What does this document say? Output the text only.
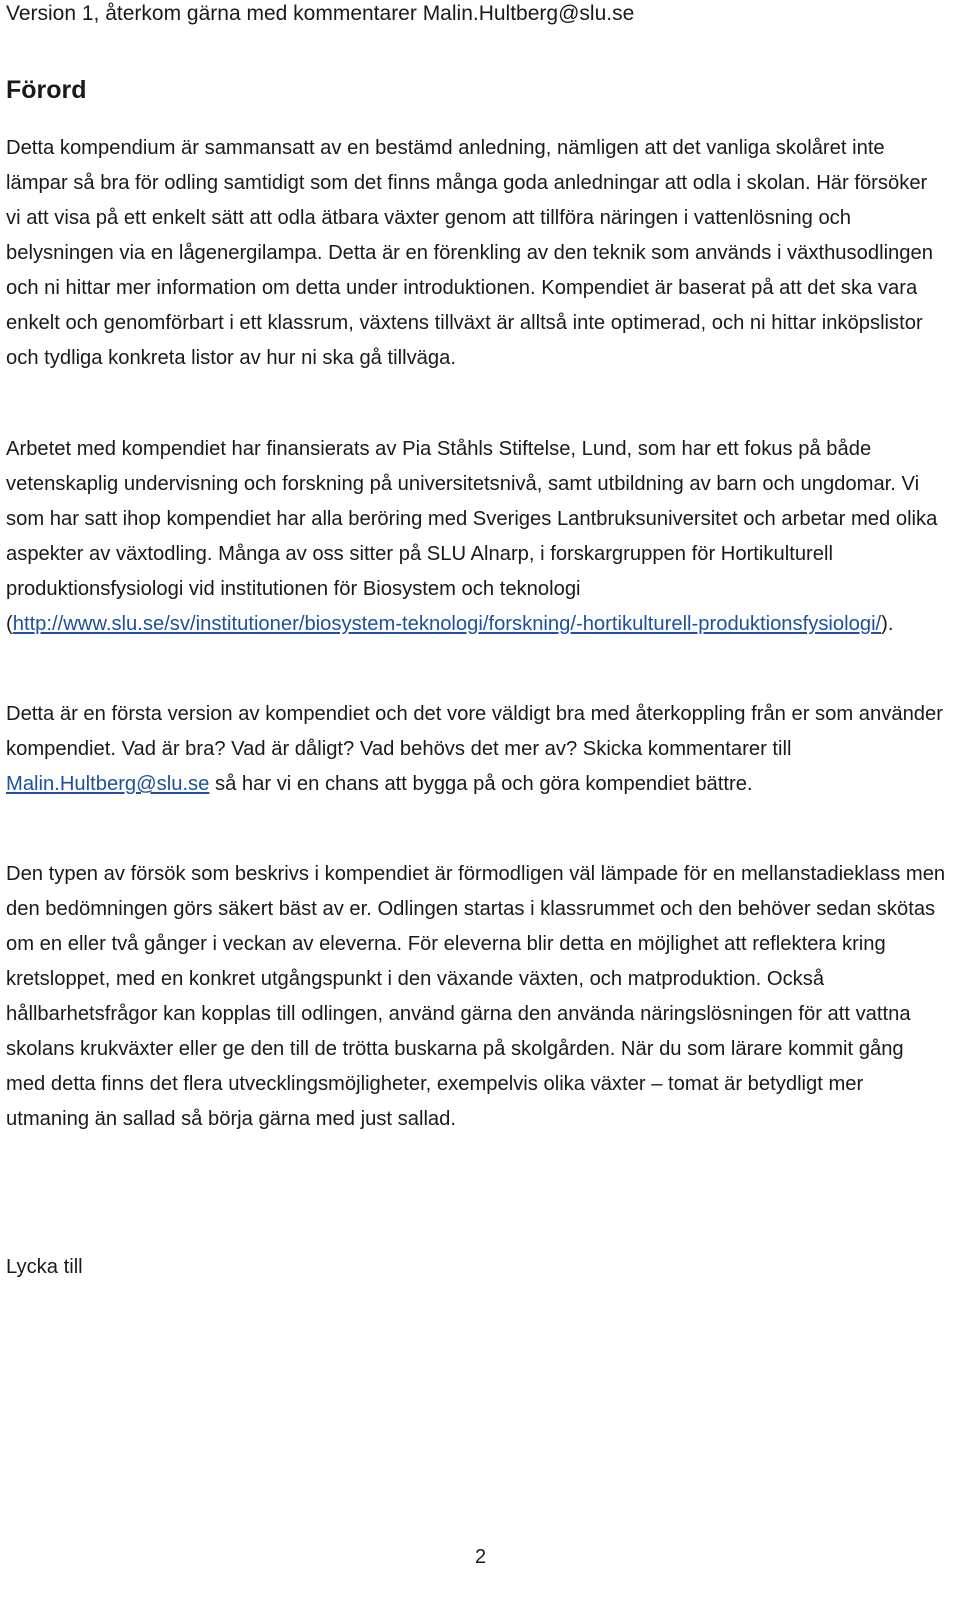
Version 1, återkom gärna med kommentarer Malin.Hultberg@slu.se
Förord

Detta kompendium är sammansatt av en bestämd anledning, nämligen att det vanliga skolåret inte lämpar så bra för odling samtidigt som det finns många goda anledningar att odla i skolan. Här försöker vi att visa på ett enkelt sätt att odla ätbara växter genom att tillföra näringen i vattenlösning och belysningen via en lågenergilampa. Detta är en förenkling av den teknik som används i växthusodlingen och ni hittar mer information om detta under introduktionen. Kompendiet är baserat på att det ska vara enkelt och genomförbart i ett klassrum, växtens tillväxt är alltså inte optimerad, och ni hittar inköpslistor och tydliga konkreta listor av hur ni ska gå tillväga.

Arbetet med kompendiet har finansierats av Pia Ståhls Stiftelse, Lund, som har ett fokus på både vetenskaplig undervisning och forskning på universitetsnivå, samt utbildning av barn och ungdomar. Vi som har satt ihop kompendiet har alla beröring med Sveriges Lantbruksuniversitet och arbetar med olika aspekter av växtodling. Många av oss sitter på SLU Alnarp, i forskargruppen för Hortikulturell produktionsfysiologi vid institutionen för Biosystem och teknologi (http://www.slu.se/sv/institutioner/biosystem-teknologi/forskning/-hortikulturell-produktionsfysiologi/).

Detta är en första version av kompendiet och det vore väldigt bra med återkoppling från er som använder kompendiet. Vad är bra? Vad är dåligt? Vad behövs det mer av? Skicka kommentarer till Malin.Hultberg@slu.se så har vi en chans att bygga på och göra kompendiet bättre.

Den typen av försök som beskrivs i kompendiet är förmodligen väl lämpade för en mellanstadieklass men den bedömningen görs säkert bäst av er. Odlingen startas i klassrummet och den behöver sedan skötas om en eller två gånger i veckan av eleverna. För eleverna blir detta en möjlighet att reflektera kring kretsloppet, med en konkret utgångspunkt i den växande växten, och matproduktion. Också hållbarhetsfrågor kan kopplas till odlingen, använd gärna den använda näringslösningen för att vattna skolans krukväxter eller ge den till de trötta buskarna på skolgården. När du som lärare kommit gång med detta finns det flera utvecklingsmöjligheter, exempelvis olika växter – tomat är betydligt mer utmaning än sallad så börja gärna med just sallad.

Lycka till

2
